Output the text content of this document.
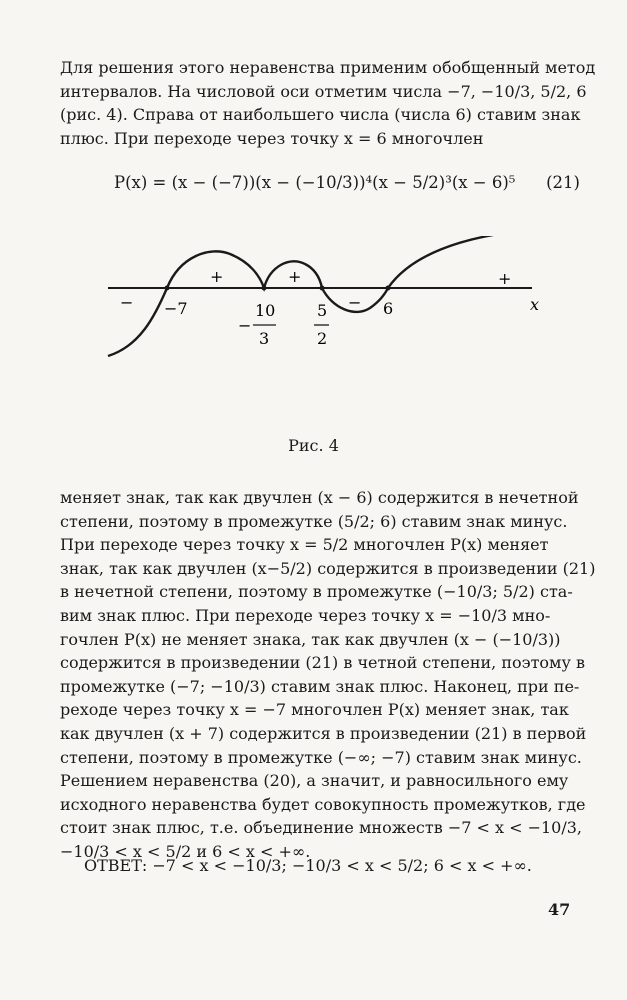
Для решения этого неравенства применим обобщенный метод
интервалов. На числовой оси отметим числа −7, −10/3, 5/2, 6
(рис. 4). Справа от наибольшего числа (числа 6) ставим знак
плюс. При переходе через точку x = 6 многочлен
P(x) = (x − (−7))(x − (−10/3))⁴(x − 5/2)³(x − 6)⁵ (21)
−7
−
10
3
5
2
6
−
+	+
−
+
x
Рис. 4
меняет знак, так как двучлен (x − 6) содержится в нечетной
степени, поэтому в промежутке (5/2; 6) ставим знак минус.
При переходе через точку x = 5/2 многочлен P(x) меняет
знак, так как двучлен (x−5/2) содержится в произведении (21)
в нечетной степени, поэтому в промежутке (−10/3; 5/2) ста-
вим знак плюс. При переходе через точку x = −10/3 мно-
гочлен P(x) не меняет знака, так как двучлен (x − (−10/3))
содержится в произведении (21) в четной степени, поэтому в
промежутке (−7; −10/3) ставим знак плюс. Наконец, при пе-
реходе через точку x = −7 многочлен P(x) меняет знак, так
как двучлен (x + 7) содержится в произведении (21) в первой
степени, поэтому в промежутке (−∞; −7) ставим знак минус.
Решением неравенства (20), а значит, и равносильного ему
исходного неравенства будет совокупность промежутков, где
стоит знак плюс, т.е. объединение множеств −7 < x < −10/3,
−10/3 < x < 5/2 и 6 < x < +∞.
ОТВЕТ: −7 < x < −10/3; −10/3 < x < 5/2; 6 < x < +∞.
47
